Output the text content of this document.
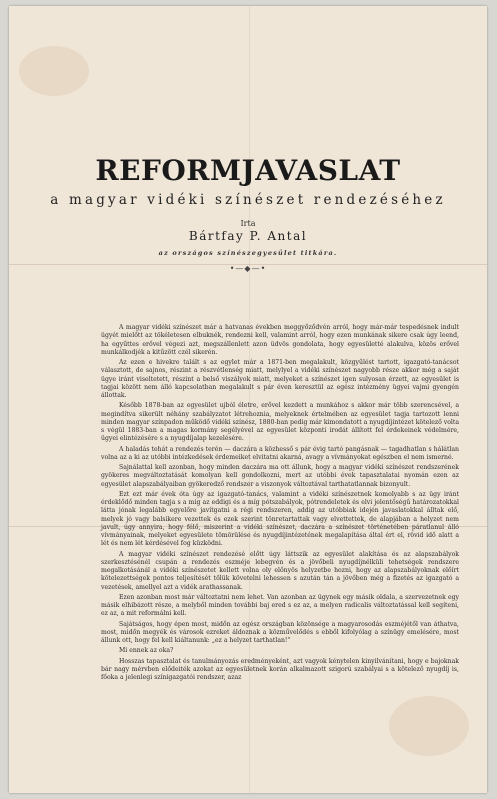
REFORMJAVASLAT
a magyar vidéki színészet rendezéséhez
Irta
Bártfay P. Antal
az országos színészegyesület titkára.
•—◆—•

A magyar vidéki színészet már a hatvanas években meggyőződvén arról, hogy már-már tespedésnek indult ügyét mielőtt az tökéletesen elbuknék, rendezni kell, valamint arról, hogy ezen munkának sikere csak úgy leend, ha egyűttes erővel végezi azt, megszállenlett azon üdvös gondolata, hogy egyesületté alakulva, közös erővel munkálkodjék a kitűzött czél sikerén.

Az ezen e hivekre talált s az egylet már a 1871-ben megalakult, közgyűlést tartott, igazgató-tanácsot választott, de sajnos, részint a részvétlenség miatt, melylyel a vidéki színészet nagyobb része akkor még a saját ügye iránt viseltetett, részint a belső viszályok miatt, melyeket a színészet igen sulyosan érzett, az egyesület is tagjai között nem álló kapcsolatban megalakult s pár éven keresztül az egész intézmény ügyei vajmi gyengén állottak.

Később 1878-ban az egyesület ujból életre, erővel kezdett a munkához s akkor már több szerencsével, a megindítva sikerült néhány szabályzatot létrehoznia, melyeknek értelmében az egyesület tagja tartozott lenni minden magyar színpadon működő vidéki színész, 1880-ban pedig már kimondatott a nyugdíjintézet kötelező volta s végül 1883-ban a magas kormány segélyével az egyesület központi irodát állított fel érdekeinek védelmére, ügyei elintézésére s a nyugdíjalap kezelésére.

A haladás tehát a rendezés terén — daczára a közhesső s pár évig tartó pangásnak — tagadhatlan s hálátlan volna az a ki az utóbbi intézkedések érdemeiket elvitatni akarná, avagy a vívmányokat egészben el nem ismerné.

Sajnálattal kell azonban, hogy minden daczára ma ott állunk, hogy a magyar vidéki színészet rendszerének gyökeres megváltoztatását komolyan kell gondolkozni, mert az utóbbi évek tapasztalatai nyomán ezen az egyesület alapszabályaiban gyökeredző rendszer a viszonyok változtával tarthatatlannak bizonyult.

Ezt ezt már évek óta úgy az igazgató-tanács, valamint a vidéki színészetnek komolyabb s az ügy iránt érdeklődő minden tagja s a míg az eddigi és a míg pótszabályok, pótrendeletek és elvi jelentőségű határozatokkal látta jónak legalább egyelőre javítgatni a régi rendszeren, addig az utóbbiak idején javaslatokkal álltak elő, melyek jó vagy balsikere vezettek és ezek szerint tönretartattak vagy elvettettek, de alapjában a helyzet nem javult, úgy annyira, hogy félő, miszerint a vidéki színészet, daczára a színészet történetében páratlanul álló vívmányainak, melyeket egyesülete tömörülése és nyugdíjintézetének megalapítása által ért el, rövid idő alatt a lét és nem lét kérdésével fog küzködni.

A magyar vidéki színészet rendezésé előtt úgy láttszik az egyesület alakítása és az alapszabályok szerkesztésénél csupán a rendezés eszméje lebegvén és a jövőbeli nyugdíjnélküli tehetségek rendszere megalkotásánál a vidéki színészetet kellett volna oly előnyös helyzetbe hozni, hogy az alapszabályoknak előírt kötelezettségek pontos teljesítését tőlük követelni lehessen s azután tán a jövőben még a fizetés az igazgató a vezetések, amellyel azt a vidék arathassanak.

Ezen azonban most már változtatni nem lehet. Van azonban az ügynek egy másik oldala, a szervezetnek egy másik elhibázott része, a melyből minden további baj ered s ez az, a melyen radicalis változtatással kell segíteni, ez az, a mit reformálni kell.

Sajátságos, hogy épen most, midőn az egész országban közönsége a magyarosodás eszméjétől van áthatva, most, midőn megyék és városok ezreket áldoznak a közművelődés s ebből kifolyólag a színügy emelésére, most állunk ott, hogy fel kell kiáltanunk: „ez a helyzet tarthatlan!"

Mi ennek az oka?

Hosszas tapasztalat és tanulmányozás eredményeként, azt vagyok kénytelen kinyilvánítani, hogy e bajoknak bár nagy mérvben elődeiték azokat az egyesületnek korán alkalmazott szigorú szabályai s a kötelező nyugdíj is, főoka a jelenlegi színigazgatói rendszer, azaz
